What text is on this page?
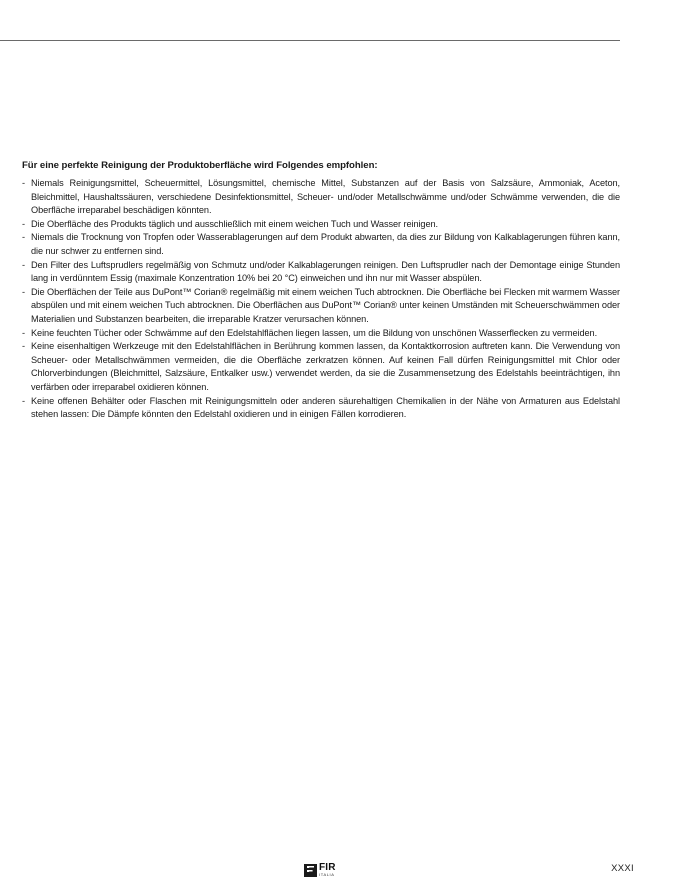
Für eine perfekte Reinigung der Produktoberfläche wird Folgendes empfohlen:

- Niemals Reinigungsmittel, Scheuermittel, Lösungsmittel, chemische Mittel, Substanzen auf der Basis von Salzsäure, Ammoniak, Aceton, Bleichmittel, Haushaltssäuren, verschiedene Desinfektionsmittel, Scheuer- und/oder Metallschwämme und/oder Schwämme verwenden, die die Oberfläche irreparabel beschädigen könnten.
- Die Oberfläche des Produkts täglich und ausschließlich mit einem weichen Tuch und Wasser reinigen.
- Niemals die Trocknung von Tropfen oder Wasserablagerungen auf dem Produkt abwarten, da dies zur Bildung von Kalkablagerungen führen kann, die nur schwer zu entfernen sind.
- Den Filter des Luftsprudlers regelmäßig von Schmutz und/oder Kalkablagerungen reinigen. Den Luftsprudler nach der Demontage einige Stunden lang in verdünntem Essig (maximale Konzentration 10% bei 20 °C) einweichen und ihn nur mit Wasser abspülen.
- Die Oberflächen der Teile aus DuPont™ Corian® regelmäßig mit einem weichen Tuch abtrocknen. Die Oberfläche bei Flecken mit warmem Wasser abspülen und mit einem weichen Tuch abtrocknen. Die Oberflächen aus DuPont™ Corian® unter keinen Umständen mit Scheuerschwämmen oder Materialien und Substanzen bearbeiten, die irreparable Kratzer verursachen können.
- Keine feuchten Tücher oder Schwämme auf den Edelstahlflächen liegen lassen, um die Bildung von unschönen Wasserflecken zu vermeiden.
- Keine eisenhaltigen Werkzeuge mit den Edelstahlflächen in Berührung kommen lassen, da Kontaktkorrosion auftreten kann. Die Verwendung von Scheuer- oder Metallschwämmen vermeiden, die die Oberfläche zerkratzen können. Auf keinen Fall dürfen Reinigungsmittel mit Chlor oder Chlorverbindungen (Bleichmittel, Salzsäure, Entkalker usw.) verwendet werden, da sie die Zusammensetzung des Edelstahls beeinträchtigen, ihn verfärben oder irreparabel oxidieren können.
- Keine offenen Behälter oder Flaschen mit Reinigungsmitteln oder anderen säurehaltigen Chemikalien in der Nähe von Armaturen aus Edelstahl stehen lassen: Die Dämpfe könnten den Edelstahl oxidieren und in einigen Fällen korrodieren.
FIR
ITALIA
XXXI
